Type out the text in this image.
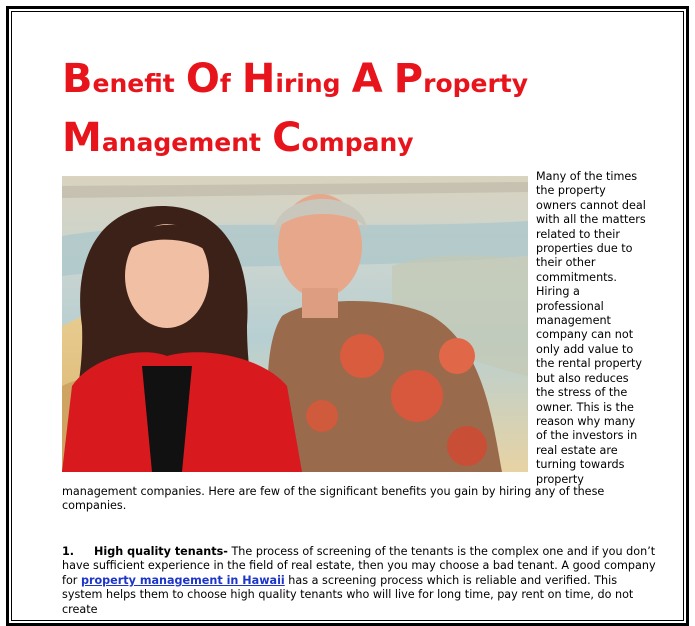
Benefit Of Hiring A Property
Management Company

Many of the times the property owners cannot deal with all the matters related to their properties due to their other commitments. Hiring a professional management company can not only add value to the rental property but also reduces the stress of the owner. This is the reason why many of the investors in real estate are turning towards property

management companies. Here are few of the significant benefits you gain by hiring any of these companies.

1. High quality tenants- The process of screening of the tenants is the complex one and if you don’t have sufficient experience in the field of real estate, then you may choose a bad tenant. A good company for property management in Hawaii has a screening process which is reliable and verified. This system helps them to choose high quality tenants who will live for long time, pay rent on time, do not create
